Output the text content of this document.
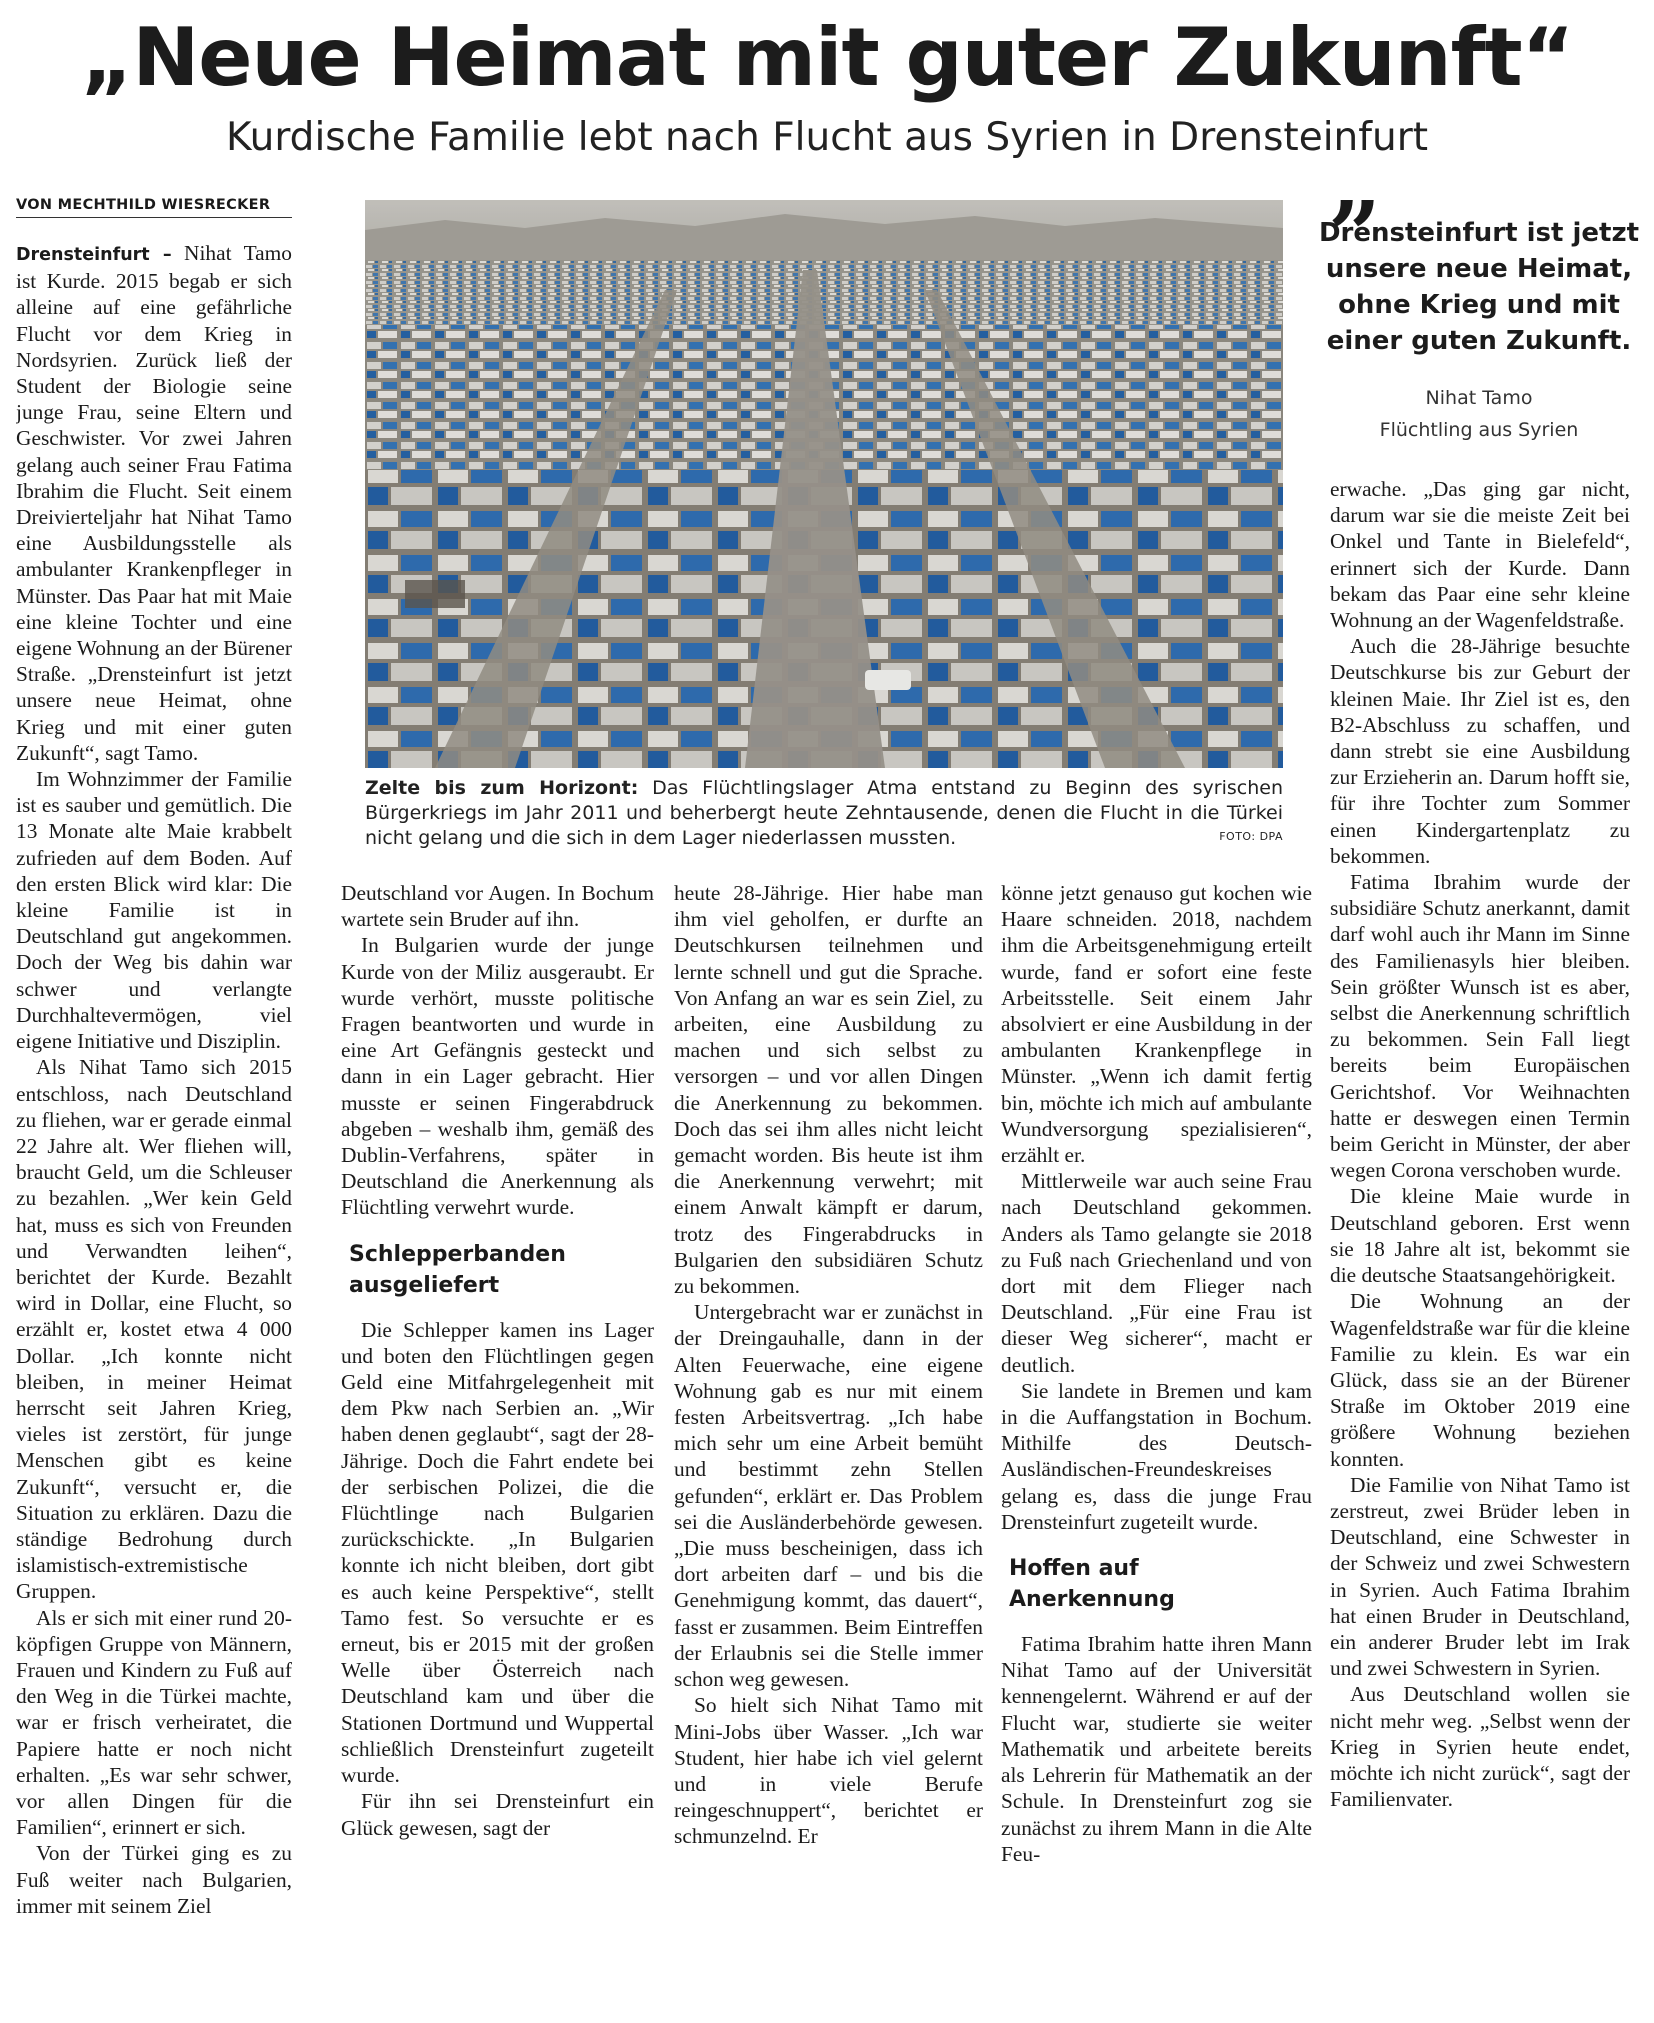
„Neue Heimat mit guter Zukunft“
Kurdische Familie lebt nach Flucht aus Syrien in Drensteinfurt
VON MECHTHILD WIESRECKER
Zelte bis zum Horizont: Das Flüchtlingslager Atma entstand zu Beginn des syrischen Bürgerkriegs im Jahr 2011 und beherbergt heute Zehntausende, denen die Flucht in die Türkei nicht gelang und die sich in dem Lager niederlassen mussten.	FOTO: DPA
”
Drensteinfurt ist jetzt unsere neue Heimat, ohne Krieg und mit einer guten Zukunft.
Nihat Tamo
Flüchtling aus Syrien

Drensteinfurt – Nihat Tamo ist Kurde. 2015 begab er sich alleine auf eine gefährliche Flucht vor dem Krieg in Nordsyrien. Zurück ließ der Student der Biologie seine junge Frau, seine Eltern und Geschwister. Vor zwei Jahren gelang auch seiner Frau Fatima Ibrahim die Flucht. Seit einem Dreivierteljahr hat Nihat Tamo eine Ausbildungsstelle als ambulanter Krankenpfleger in Münster. Das Paar hat mit Maie eine kleine Tochter und eine eigene Wohnung an der Bürener Straße. „Drensteinfurt ist jetzt unsere neue Heimat, ohne Krieg und mit einer guten Zukunft“, sagt Tamo.

Im Wohnzimmer der Familie ist es sauber und gemütlich. Die 13 Monate alte Maie krabbelt zufrieden auf dem Boden. Auf den ersten Blick wird klar: Die kleine Familie ist in Deutschland gut angekommen. Doch der Weg bis dahin war schwer und verlangte Durchhaltevermögen, viel eigene Initiative und Disziplin.

Als Nihat Tamo sich 2015 entschloss, nach Deutschland zu fliehen, war er gerade einmal 22 Jahre alt. Wer fliehen will, braucht Geld, um die Schleuser zu bezahlen. „Wer kein Geld hat, muss es sich von Freunden und Verwandten leihen“, berichtet der Kurde. Bezahlt wird in Dollar, eine Flucht, so erzählt er, kostet etwa 4 000 Dollar. „Ich konnte nicht bleiben, in meiner Heimat herrscht seit Jahren Krieg, vieles ist zerstört, für junge Menschen gibt es keine Zukunft“, versucht er, die Situation zu erklären. Dazu die ständige Bedrohung durch islamistisch-extremistische Gruppen.

Als er sich mit einer rund 20-köpfigen Gruppe von Männern, Frauen und Kindern zu Fuß auf den Weg in die Türkei machte, war er frisch verheiratet, die Papiere hatte er noch nicht erhalten. „Es war sehr schwer, vor allen Dingen für die Familien“, erinnert er sich.

Von der Türkei ging es zu Fuß weiter nach Bulgarien, immer mit seinem Ziel

Deutschland vor Augen. In Bochum wartete sein Bruder auf ihn.

In Bulgarien wurde der junge Kurde von der Miliz ausgeraubt. Er wurde verhört, musste politische Fragen beantworten und wurde in eine Art Gefängnis gesteckt und dann in ein Lager gebracht. Hier musste er seinen Fingerabdruck abgeben – weshalb ihm, gemäß des Dublin-Verfahrens, später in Deutschland die Anerkennung als Flüchtling verwehrt wurde.

Schlepperbanden ausgeliefert

Die Schlepper kamen ins Lager und boten den Flüchtlingen gegen Geld eine Mitfahrgelegenheit mit dem Pkw nach Serbien an. „Wir haben denen geglaubt“, sagt der 28-Jährige. Doch die Fahrt endete bei der serbischen Polizei, die die Flüchtlinge nach Bulgarien zurückschickte. „In Bulgarien konnte ich nicht bleiben, dort gibt es auch keine Perspektive“, stellt Tamo fest. So versuchte er es erneut, bis er 2015 mit der großen Welle über Österreich nach Deutschland kam und über die Stationen Dortmund und Wuppertal schließlich Drensteinfurt zugeteilt wurde.

Für ihn sei Drensteinfurt ein Glück gewesen, sagt der

heute 28-Jährige. Hier habe man ihm viel geholfen, er durfte an Deutschkursen teilnehmen und lernte schnell und gut die Sprache. Von Anfang an war es sein Ziel, zu arbeiten, eine Ausbildung zu machen und sich selbst zu versorgen – und vor allen Dingen die Anerkennung zu bekommen. Doch das sei ihm alles nicht leicht gemacht worden. Bis heute ist ihm die Anerkennung verwehrt; mit einem Anwalt kämpft er darum, trotz des Fingerabdrucks in Bulgarien den subsidiären Schutz zu bekommen.

Untergebracht war er zunächst in der Dreingauhalle, dann in der Alten Feuerwache, eine eigene Wohnung gab es nur mit einem festen Arbeitsvertrag. „Ich habe mich sehr um eine Arbeit bemüht und bestimmt zehn Stellen gefunden“, erklärt er. Das Problem sei die Ausländerbehörde gewesen. „Die muss bescheinigen, dass ich dort arbeiten darf – und bis die Genehmigung kommt, das dauert“, fasst er zusammen. Beim Eintreffen der Erlaubnis sei die Stelle immer schon weg gewesen.

So hielt sich Nihat Tamo mit Mini-Jobs über Wasser. „Ich war Student, hier habe ich viel gelernt und in viele Berufe reingeschnuppert“, berichtet er schmunzelnd. Er

könne jetzt genauso gut kochen wie Haare schneiden. 2018, nachdem ihm die Arbeitsgenehmigung erteilt wurde, fand er sofort eine feste Arbeitsstelle. Seit einem Jahr absolviert er eine Ausbildung in der ambulanten Krankenpflege in Münster. „Wenn ich damit fertig bin, möchte ich mich auf ambulante Wundversorgung spezialisieren“, erzählt er.

Mittlerweile war auch seine Frau nach Deutschland gekommen. Anders als Tamo gelangte sie 2018 zu Fuß nach Griechenland und von dort mit dem Flieger nach Deutschland. „Für eine Frau ist dieser Weg sicherer“, macht er deutlich.

Sie landete in Bremen und kam in die Auffangstation in Bochum. Mithilfe des Deutsch-Ausländischen-Freundeskreises gelang es, dass die junge Frau Drensteinfurt zugeteilt wurde.

Hoffen auf Anerkennung

Fatima Ibrahim hatte ihren Mann Nihat Tamo auf der Universität kennengelernt. Während er auf der Flucht war, studierte sie weiter Mathematik und arbeitete bereits als Lehrerin für Mathematik an der Schule. In Drensteinfurt zog sie zunächst zu ihrem Mann in die Alte Feu-

erwache. „Das ging gar nicht, darum war sie die meiste Zeit bei Onkel und Tante in Bielefeld“, erinnert sich der Kurde. Dann bekam das Paar eine sehr kleine Wohnung an der Wagenfeldstraße.

Auch die 28-Jährige besuchte Deutschkurse bis zur Geburt der kleinen Maie. Ihr Ziel ist es, den B2-Abschluss zu schaffen, und dann strebt sie eine Ausbildung zur Erzieherin an. Darum hofft sie, für ihre Tochter zum Sommer einen Kindergartenplatz zu bekommen.

Fatima Ibrahim wurde der subsidiäre Schutz anerkannt, damit darf wohl auch ihr Mann im Sinne des Familienasyls hier bleiben. Sein größter Wunsch ist es aber, selbst die Anerkennung schriftlich zu bekommen. Sein Fall liegt bereits beim Europäischen Gerichtshof. Vor Weihnachten hatte er deswegen einen Termin beim Gericht in Münster, der aber wegen Corona verschoben wurde.

Die kleine Maie wurde in Deutschland geboren. Erst wenn sie 18 Jahre alt ist, bekommt sie die deutsche Staatsangehörigkeit.

Die Wohnung an der Wagenfeldstraße war für die kleine Familie zu klein. Es war ein Glück, dass sie an der Bürener Straße im Oktober 2019 eine größere Wohnung beziehen konnten.

Die Familie von Nihat Tamo ist zerstreut, zwei Brüder leben in Deutschland, eine Schwester in der Schweiz und zwei Schwestern in Syrien. Auch Fatima Ibrahim hat einen Bruder in Deutschland, ein anderer Bruder lebt im Irak und zwei Schwestern in Syrien.

Aus Deutschland wollen sie nicht mehr weg. „Selbst wenn der Krieg in Syrien heute endet, möchte ich nicht zurück“, sagt der Familienvater.
